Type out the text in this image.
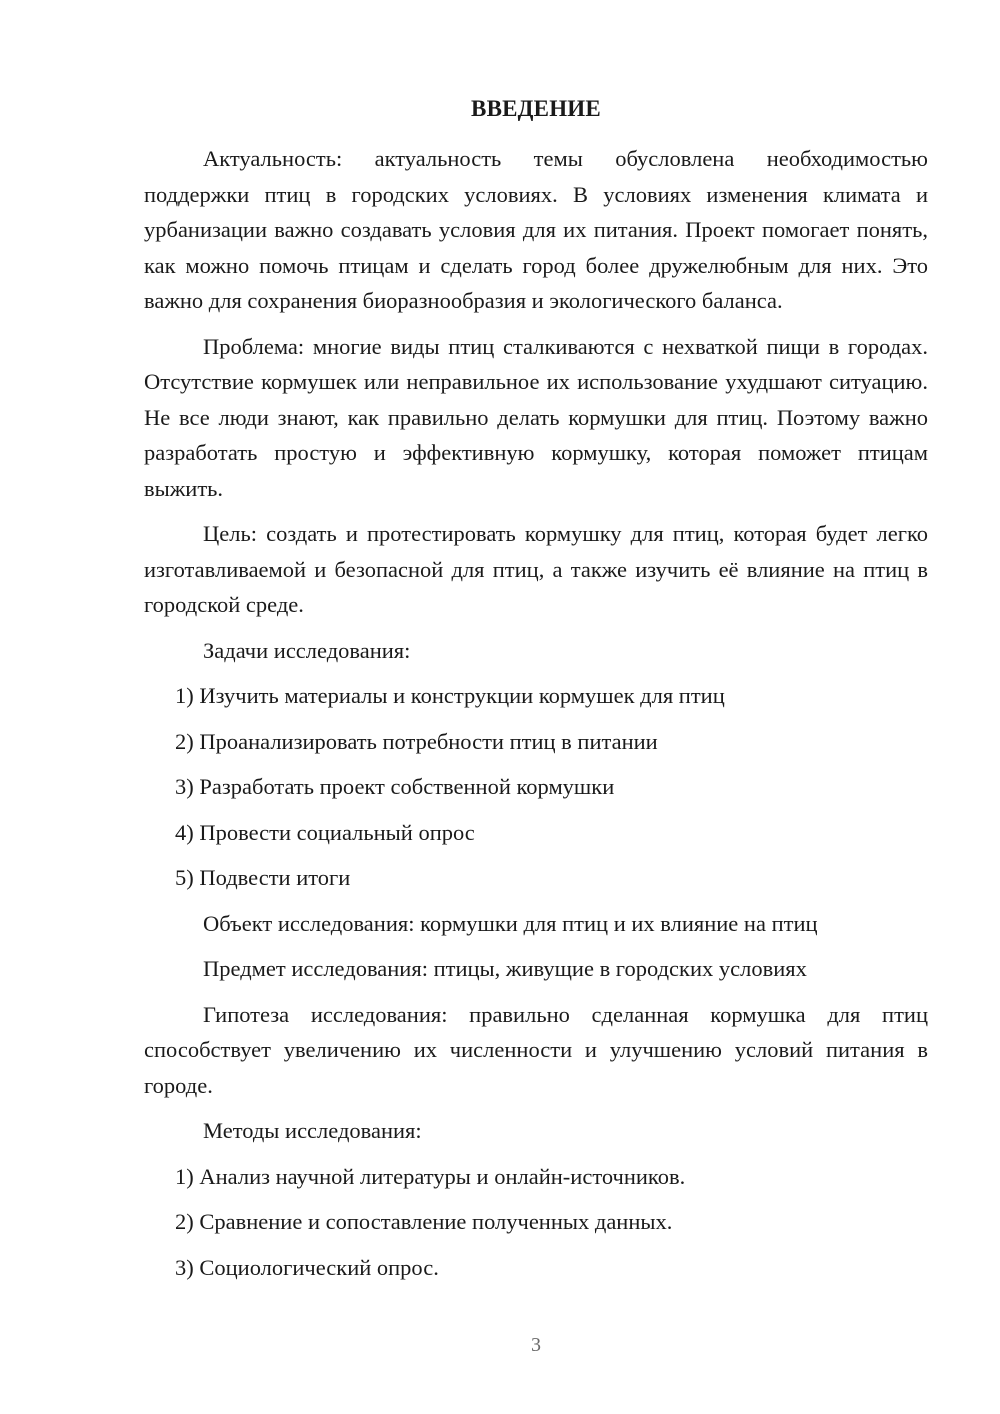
ВВЕДЕНИЕ

Актуальность: актуальность темы обусловлена необходимостью поддержки птиц в городских условиях. В условиях изменения климата и урбанизации важно создавать условия для их питания. Проект помогает понять, как можно помочь птицам и сделать город более дружелюбным для них. Это важно для сохранения биоразнообразия и экологического баланса.

Проблема: многие виды птиц сталкиваются с нехваткой пищи в городах. Отсутствие кормушек или неправильное их использование ухудшают ситуацию. Не все люди знают, как правильно делать кормушки для птиц. Поэтому важно разработать простую и эффективную кормушку, которая поможет птицам выжить.

Цель: создать и протестировать кормушку для птиц, которая будет легко изготавливаемой и безопасной для птиц, а также изучить её влияние на птиц в городской среде.

Задачи исследования:

1) Изучить материалы и конструкции кормушек для птиц

2) Проанализировать потребности птиц в питании

3) Разработать проект собственной кормушки

4) Провести социальный опрос

5) Подвести итоги

Объект исследования: кормушки для птиц и их влияние на птиц

Предмет исследования: птицы, живущие в городских условиях

Гипотеза исследования: правильно сделанная кормушка для птиц способствует увеличению их численности и улучшению условий питания в городе.

Методы исследования:

1) Анализ научной литературы и онлайн-источников.

2) Сравнение и сопоставление полученных данных.

3) Социологический опрос.

3
